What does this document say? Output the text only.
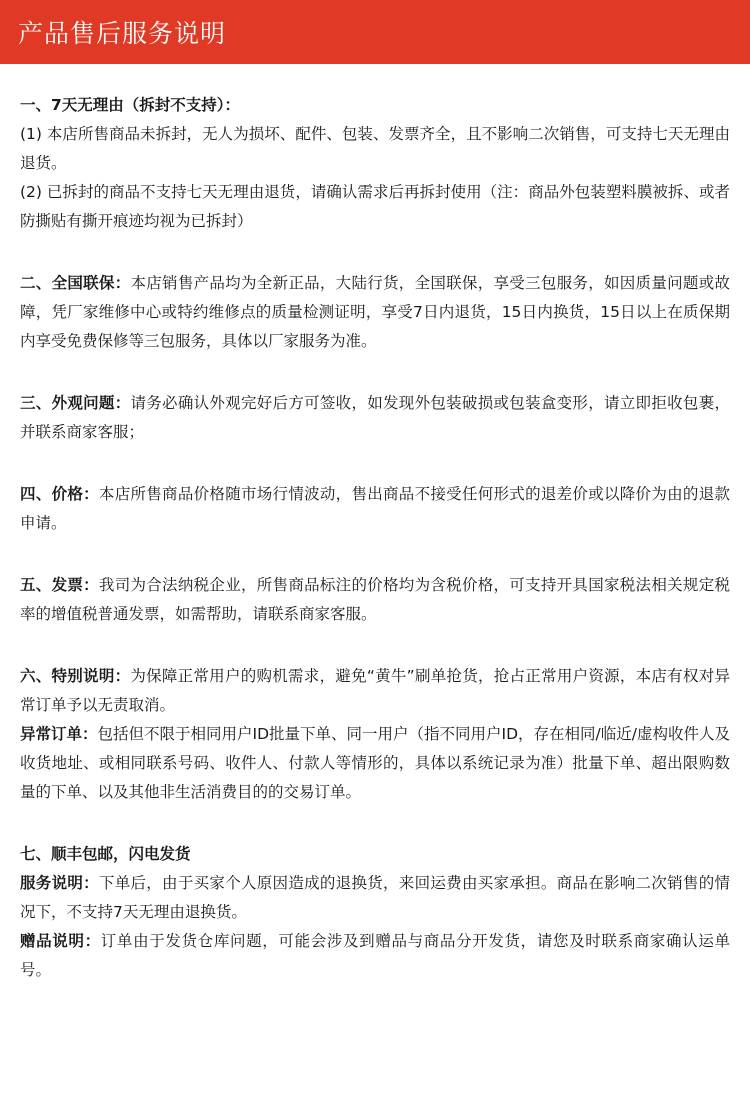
产品售后服务说明

一、7天无理由（拆封不支持）：

(1) 本店所售商品未拆封，无人为损坏、配件、包装、发票齐全，且不影响二次销售，可支持七天无理由退货。

(2) 已拆封的商品不支持七天无理由退货，请确认需求后再拆封使用（注：商品外包装塑料膜被拆、或者防撕贴有撕开痕迹均视为已拆封）

二、全国联保：本店销售产品均为全新正品，大陆行货，全国联保，享受三包服务，如因质量问题或故障，凭厂家维修中心或特约维修点的质量检测证明，享受7日内退货，15日内换货，15日以上在质保期内享受免费保修等三包服务，具体以厂家服务为准。

三、外观问题：请务必确认外观完好后方可签收，如发现外包装破损或包装盒变形，请立即拒收包裹，并联系商家客服；

四、价格：本店所售商品价格随市场行情波动，售出商品不接受任何形式的退差价或以降价为由的退款申请。

五、发票：我司为合法纳税企业，所售商品标注的价格均为含税价格，可支持开具国家税法相关规定税率的增值税普通发票，如需帮助，请联系商家客服。

六、特别说明：为保障正常用户的购机需求，避免“黄牛”刷单抢货，抢占正常用户资源，本店有权对异常订单予以无责取消。

异常订单：包括但不限于相同用户ID批量下单、同一用户（指不同用户ID，存在相同/临近/虚构收件人及收货地址、或相同联系号码、收件人、付款人等情形的，具体以系统记录为准）批量下单、超出限购数量的下单、以及其他非生活消费目的的交易订单。

七、顺丰包邮，闪电发货

服务说明：下单后，由于买家个人原因造成的退换货，来回运费由买家承担。商品在影响二次销售的情况下，不支持7天无理由退换货。

赠品说明：订单由于发货仓库问题，可能会涉及到赠品与商品分开发货，请您及时联系商家确认运单号。
